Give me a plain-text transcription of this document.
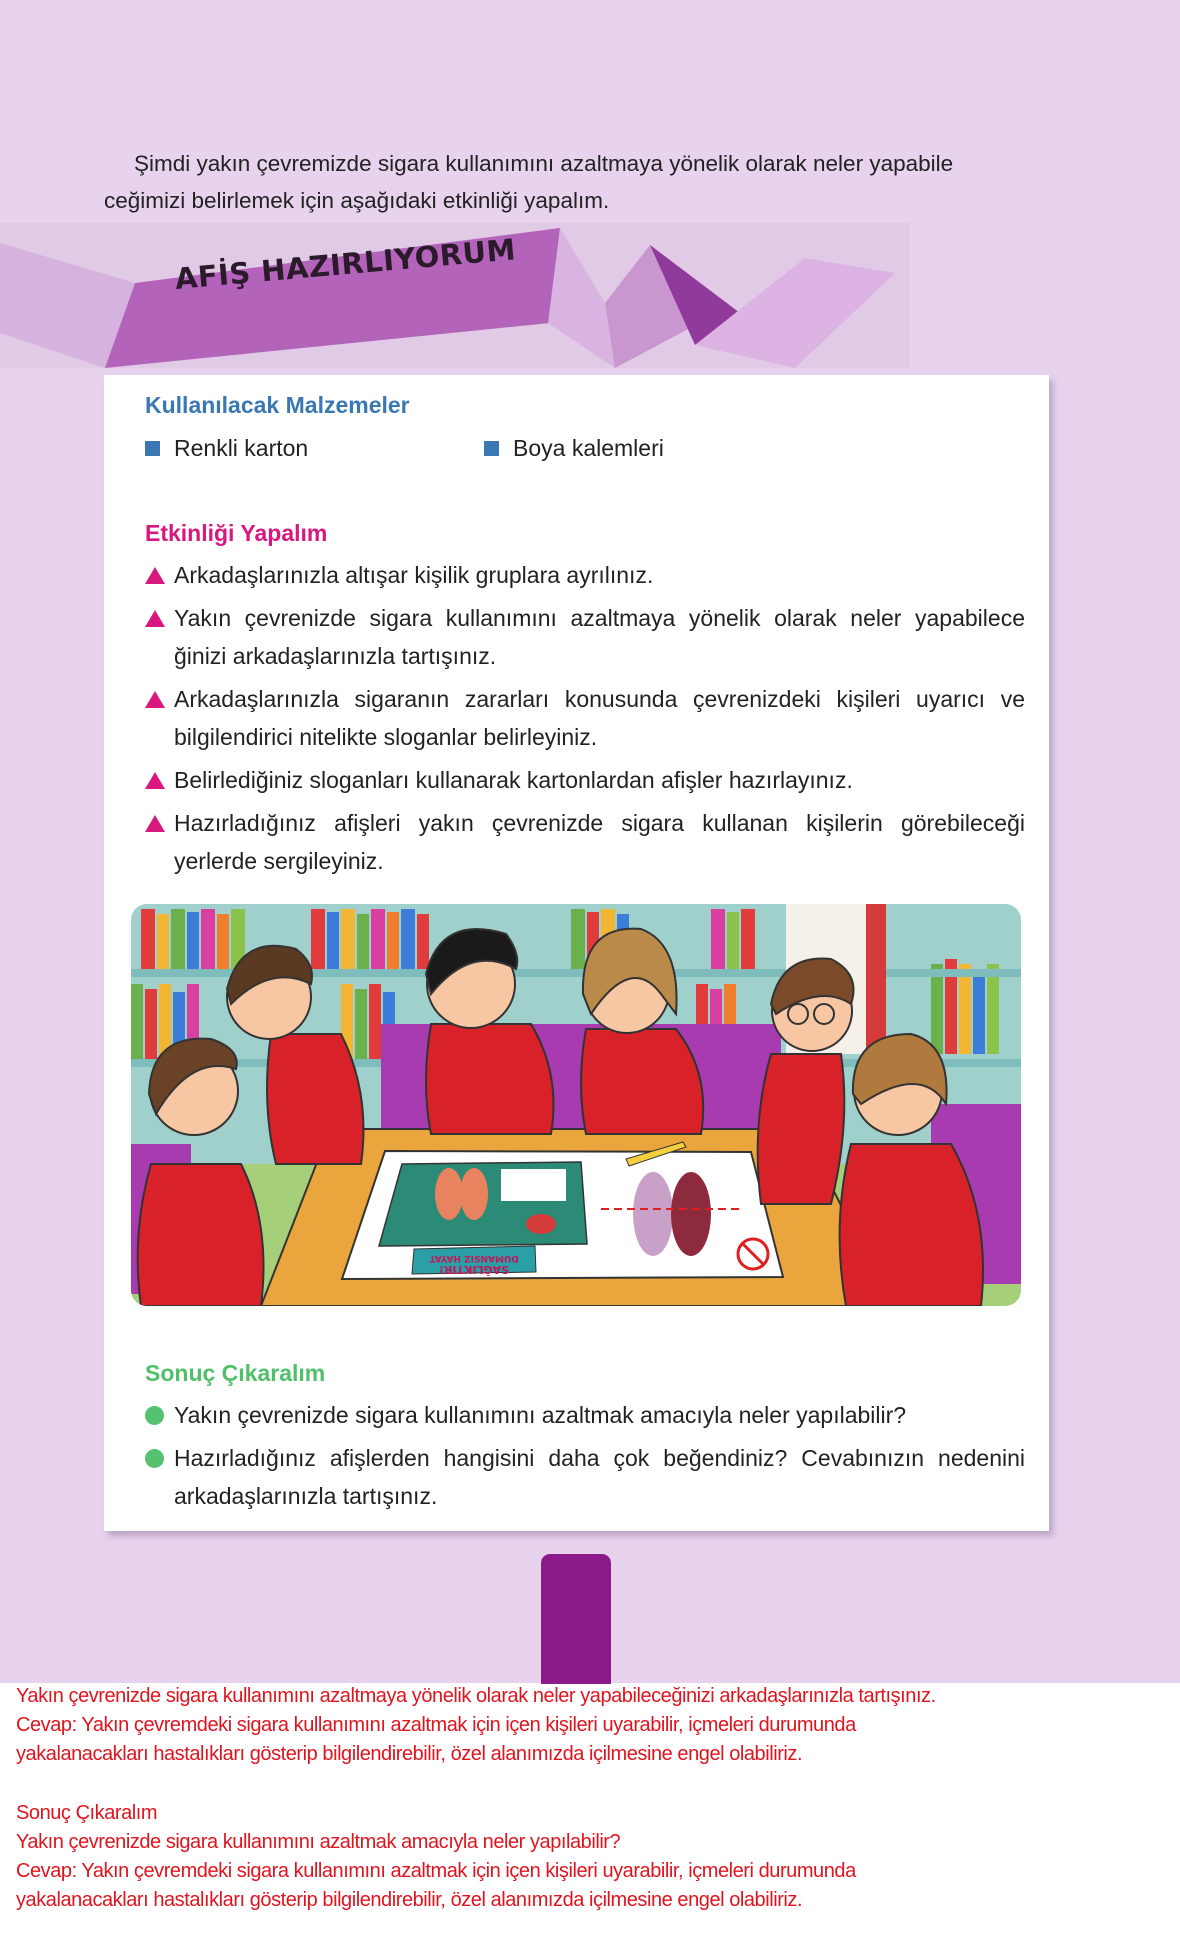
Şimdi yakın çevremizde sigara kullanımını azaltmaya yönelik olarak neler yapabile
ceğimizi belirlemek için aşağıdaki etkinliği yapalım.
AFİŞ HAZIRLIYORUM
Kullanılacak Malzemeler
Renkli karton	Boya kalemleri
Etkinliği Yapalım
Arkadaşlarınızla altışar kişilik gruplara ayrılınız.
Yakın çevrenizde sigara kullanımını azaltmaya yönelik olarak neler yapabilece ğinizi arkadaşlarınızla tartışınız.
Arkadaşlarınızla sigaranın zararları konusunda çevrenizdeki kişileri uyarıcı ve bilgilendirici nitelikte sloganlar belirleyiniz.
Belirlediğiniz sloganları kullanarak kartonlardan afişler hazırlayınız.
Hazırladığınız afişleri yakın çevrenizde sigara kullanan kişilerin görebileceği yerlerde sergileyiniz.
DUMANSIZ HAYAT
SAĞLIKTIR!
Sonuç Çıkaralım
Yakın çevrenizde sigara kullanımını azaltmak amacıyla neler yapılabilir?
Hazırladığınız afişlerden hangisini daha çok beğendiniz? Cevabınızın nedenini arkadaşlarınızla tartışınız.
Yakın çevrenizde sigara kullanımını azaltmaya yönelik olarak neler yapabileceğinizi arkadaşlarınızla tartışınız.
Cevap: Yakın çevremdeki sigara kullanımını azaltmak için içen kişileri uyarabilir, içmeleri durumunda
yakalanacakları hastalıkları gösterip bilgilendirebilir, özel alanımızda içilmesine engel olabiliriz.
Sonuç Çıkaralım
Yakın çevrenizde sigara kullanımını azaltmak amacıyla neler yapılabilir?
Cevap: Yakın çevremdeki sigara kullanımını azaltmak için içen kişileri uyarabilir, içmeleri durumunda
yakalanacakları hastalıkları gösterip bilgilendirebilir, özel alanımızda içilmesine engel olabiliriz.
